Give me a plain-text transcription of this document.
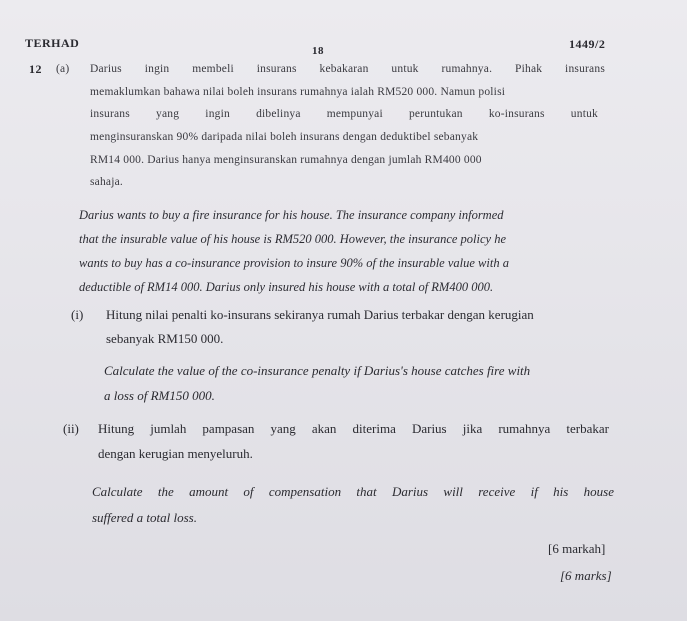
TERHAD
18	1449/2
12 (a) Darius ingin membeli insurans kebakaran untuk rumahnya. Pihak insurans
memaklumkan bahawa nilai boleh insurans rumahnya ialah RM520 000. Namun polisi
insurans yang ingin dibelinya mempunyai peruntukan ko-insurans untuk
menginsuranskan 90% daripada nilai boleh insurans dengan deduktibel sebanyak
RM14 000. Darius hanya menginsuranskan rumahnya dengan jumlah RM400 000
sahaja.
Darius wants to buy a fire insurance for his house. The insurance company informed
that the insurable value of his house is RM520 000. However, the insurance policy he
wants to buy has a co-insurance provision to insure 90% of the insurable value with a
deductible of RM14 000. Darius only insured his house with a total of RM400 000.
(i) Hitung nilai penalti ko-insurans sekiranya rumah Darius terbakar dengan kerugian
sebanyak RM150 000.
Calculate the value of the co-insurance penalty if Darius's house catches fire with
a loss of RM150 000.
(ii) Hitung jumlah pampasan yang akan diterima Darius jika rumahnya terbakar
dengan kerugian menyeluruh.
Calculate the amount of compensation that Darius will receive if his house
suffered a total loss.
[6 markah]
[6 marks]
